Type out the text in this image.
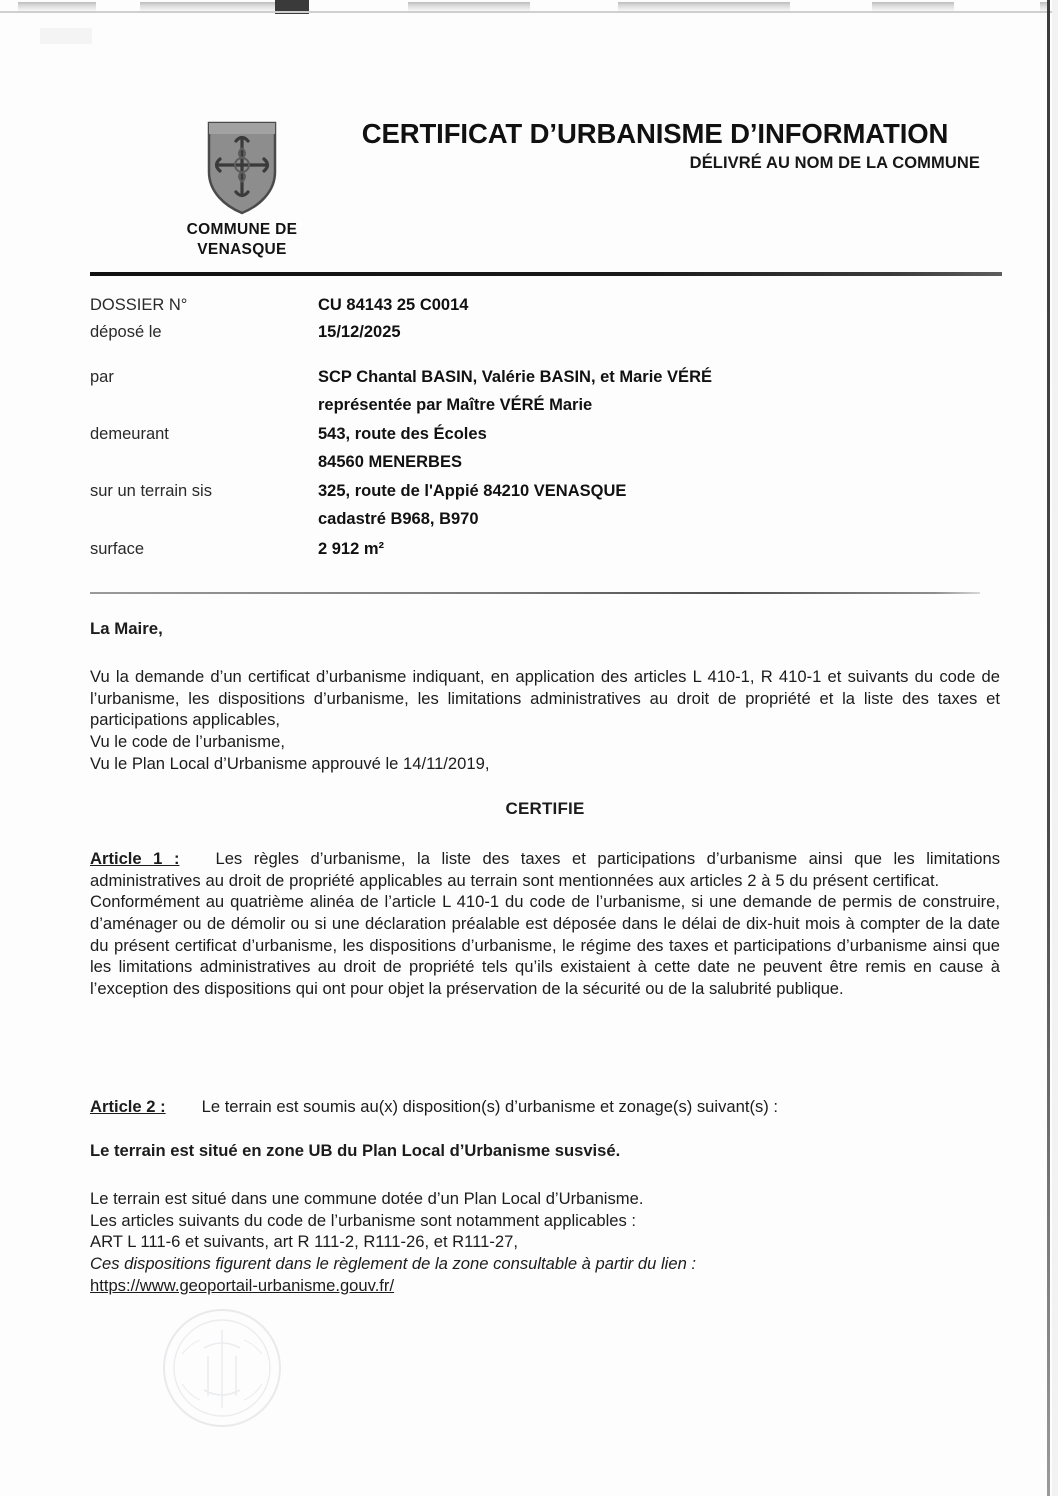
COMMUNE DE
VENASQUE
CERTIFICAT D’URBANISME D’INFORMATION
DÉLIVRÉ AU NOM DE LA COMMUNE
DOSSIER N°	CU 84143 25 C0014
déposé le	15/12/2025
par	SCP Chantal BASIN, Valérie BASIN, et Marie VÉRÉ
représentée par Maître VÉRÉ Marie
demeurant	543, route des Écoles
84560 MENERBES
sur un terrain sis	325, route de l'Appié 84210 VENASQUE
cadastré B968, B970
surface	2 912 m²
La Maire,
Vu la demande d’un certificat d’urbanisme indiquant, en application des articles L 410-1, R 410-1 et suivants du code de l’urbanisme, les dispositions d’urbanisme, les limitations administratives au droit de propriété et la liste des taxes et participations applicables,
Vu le code de l’urbanisme,
Vu le Plan Local d’Urbanisme approuvé le 14/11/2019,
CERTIFIE
Article 1 : Les règles d’urbanisme, la liste des taxes et participations d’urbanisme ainsi que les limitations administratives au droit de propriété applicables au terrain sont mentionnées aux articles 2 à 5 du présent certificat. Conformément au quatrième alinéa de l’article L 410-1 du code de l’urbanisme, si une demande de permis de construire, d’aménager ou de démolir ou si une déclaration préalable est déposée dans le délai de dix-huit mois à compter de la date du présent certificat d’urbanisme, les dispositions d’urbanisme, le régime des taxes et participations d’urbanisme ainsi que les limitations administratives au droit de propriété tels qu’ils existaient à cette date ne peuvent être remis en cause à l’exception des dispositions qui ont pour objet la préservation de la sécurité ou de la salubrité publique.
Article 2 : Le terrain est soumis au(x) disposition(s) d’urbanisme et zonage(s) suivant(s) :
Le terrain est situé en zone UB du Plan Local d’Urbanisme susvisé.
Le terrain est situé dans une commune dotée d’un Plan Local d’Urbanisme.
Les articles suivants du code de l’urbanisme sont notamment applicables :
ART L 111-6 et suivants, art R 111-2, R111-26, et R111-27,
Ces dispositions figurent dans le règlement de la zone consultable à partir du lien :
https://www.geoportail-urbanisme.gouv.fr/
